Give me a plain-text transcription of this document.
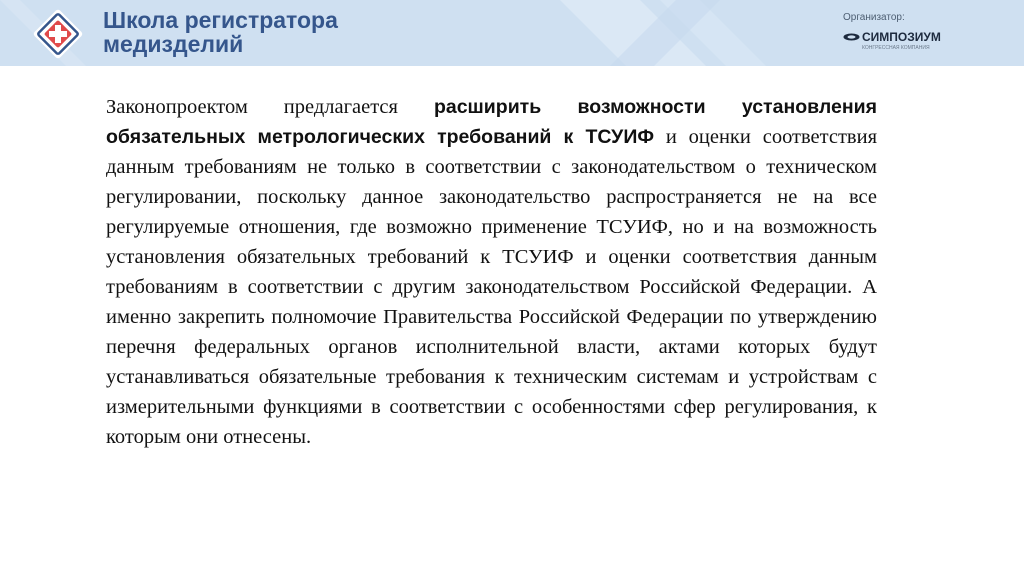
Школа регистратора
медизделий
Организатор:
СИМПОЗИУМ
КОНГРЕССНАЯ КОМПАНИЯ
Законопроектом предлагается расширить возможности установления обязательных метрологических требований к ТСУИФ и оценки соответствия данным требованиям не только в соответствии с законодательством о техническом регулировании, поскольку данное законодательство распространяется не на все регулируемые отношения, где возможно применение ТСУИФ, но и на возможность установления обязательных требований к ТСУИФ и оценки соответствия данным требованиям в соответствии с другим законодательством Российской Федерации. А именно закрепить полномочие Правительства Российской Федерации по утверждению перечня федеральных органов исполнительной власти, актами которых будут устанавливаться обязательные требования к техническим системам и устройствам с измерительными функциями в соответствии с особенностями сфер регулирования, к которым они отнесены.
